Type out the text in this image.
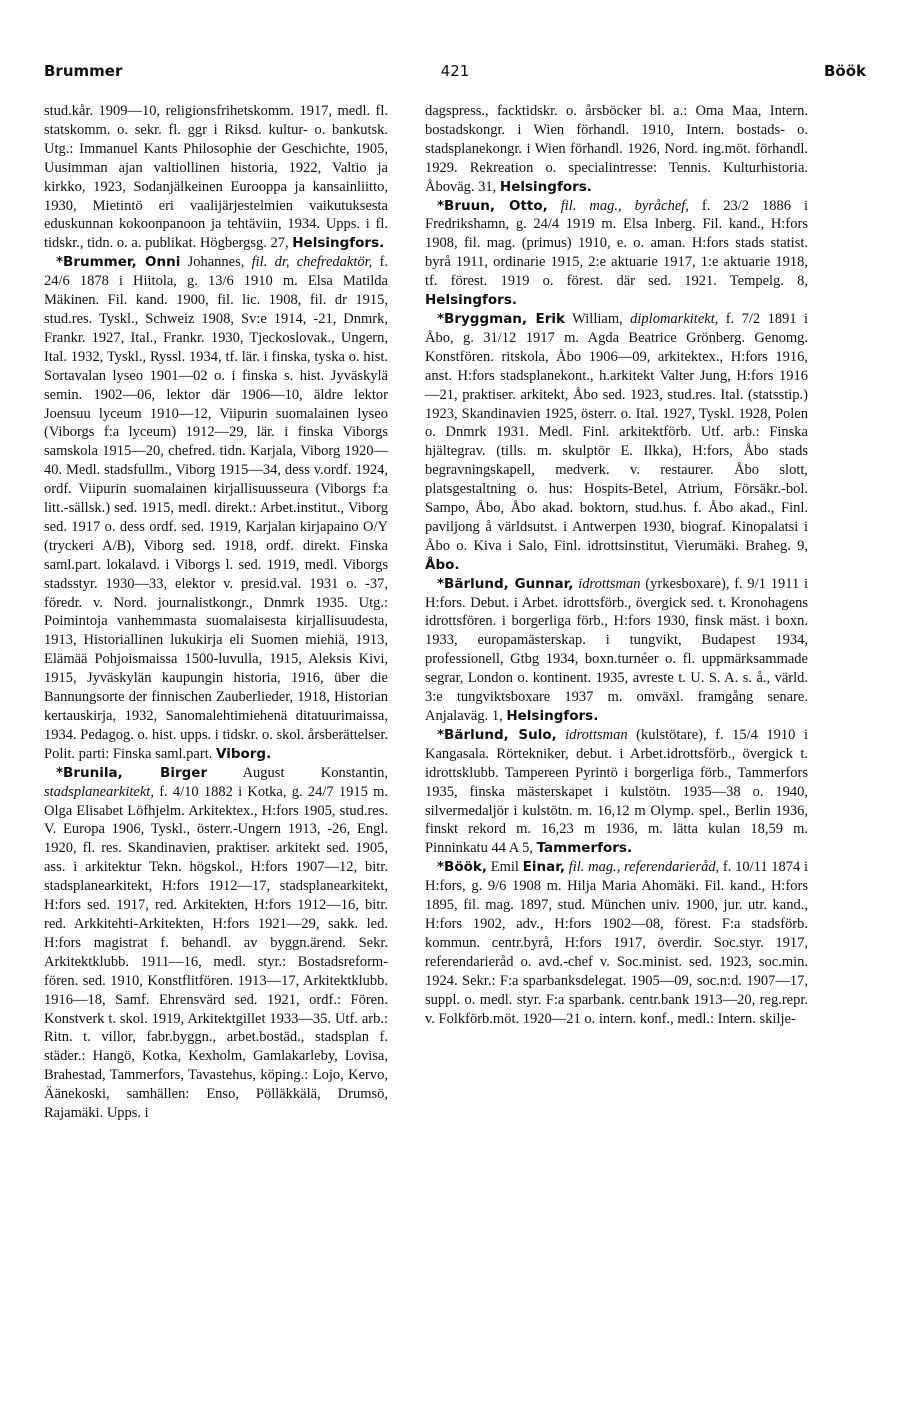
Brummer	421	Böök

stud.kår. 1909—10, religionsfrihetskomm. 1917, medl. fl. statskomm. o. sekr. fl. ggr i Riksd. kultur- o. bankutsk. Utg.: Immanuel Kants Philosophie der Geschichte, 1905, Uusimman ajan valtiollinen historia, 1922, Valtio ja kirkko, 1923, Sodanjälkeinen Eurooppa ja kansainliitto, 1930, Mietintö eri vaalijärjestelmien vaikutuksesta eduskunnan kokoonpanoon ja tehtäviin, 1934. Upps. i fl. tidskr., tidn. o. a. publikat. Högbergsg. 27, Helsingfors.

*Brummer, Onni Johannes, fil. dr, chefredaktör, f. 24/6 1878 i Hiitola, g. 13/6 1910 m. Elsa Matilda Mäkinen. Fil. kand. 1900, fil. lic. 1908, fil. dr 1915, stud.res. Tyskl., Schweiz 1908, Sv:e 1914, -21, Dnmrk, Frankr. 1927, Ital., Frankr. 1930, Tjeckoslovak., Ungern, Ital. 1932, Tyskl., Ryssl. 1934, tf. lär. i finska, tyska o. hist. Sortavalan lyseo 1901—02 o. i finska s. hist. Jyväskylä semin. 1902—06, lektor där 1906—10, äldre lektor Joensuu lyceum 1910—12, Viipurin suomalainen lyseo (Viborgs f:a lyceum) 1912—29, lär. i finska Viborgs samskola 1915—20, chefred. tidn. Karjala, Viborg 1920—40. Medl. stadsfullm., Viborg 1915—34, dess v.ordf. 1924, ordf. Viipurin suomalainen kirjallisuusseura (Viborgs f:a litt.-sällsk.) sed. 1915, medl. direkt.: Arbet.institut., Viborg sed. 1917 o. dess ordf. sed. 1919, Karjalan kirjapaino O/Y (tryckeri A/B), Viborg sed. 1918, ordf. direkt. Finska saml.part. lokalavd. i Viborgs l. sed. 1919, medl. Viborgs stadsstyr. 1930—33, elektor v. presid.val. 1931 o. -37, föredr. v. Nord. journalistkongr., Dnmrk 1935. Utg.: Poimintoja vanhemmasta suomalaisesta kirjallisuudesta, 1913, Historiallinen lukukirja eli Suomen miehiä, 1913, Elämää Pohjoismaissa 1500-luvulla, 1915, Aleksis Kivi, 1915, Jyväskylän kaupungin historia, 1916, über die Bannungsorte der finnischen Zauberlieder, 1918, Historian kertauskirja, 1932, Sanomalehtimiehenä ditatuurimaissa, 1934. Pedagog. o. hist. upps. i tidskr. o. skol. årsberättelser. Polit. parti: Finska saml.part. Viborg.

*Brunila, Birger August Konstantin, stadsplanearkitekt, f. 4/10 1882 i Kotka, g. 24/7 1915 m. Olga Elisabet Löfhjelm. Arkitektex., H:fors 1905, stud.res. V. Europa 1906, Tyskl., österr.-Ungern 1913, -26, Engl. 1920, fl. res. Skandinavien, praktiser. arkitekt sed. 1905, ass. i arkitektur Tekn. högskol., H:fors 1907—12, bitr. stadsplanearkitekt, H:fors 1912—17, stadsplanearkitekt, H:fors sed. 1917, red. Arkitekten, H:fors 1912—16, bitr. red. Arkkitehti-Arkitekten, H:fors 1921—29, sakk. led. H:fors magistrat f. behandl. av byggn.ärend. Sekr. Arkitektklubb. 1911—16, medl. styr.: Bostadsreform-fören. sed. 1910, Konstflitfören. 1913—17, Arkitektklubb. 1916—18, Samf. Ehrensvärd sed. 1921, ordf.: Fören. Konstverk t. skol. 1919, Arkitektgillet 1933—35. Utf. arb.: Ritn. t. villor, fabr.byggn., arbet.bostäd., stadsplan f. städer.: Hangö, Kotka, Kexholm, Gamlakarleby, Lovisa, Brahestad, Tammerfors, Tavastehus, köping.: Lojo, Kervo, Äänekoski, samhällen: Enso, Pölläkkälä, Drumsö, Rajamäki. Upps. i

dagspress., facktidskr. o. årsböcker bl. a.: Oma Maa, Intern. bostadskongr. i Wien förhandl. 1910, Intern. bostads- o. stadsplanekongr. i Wien förhandl. 1926, Nord. ing.möt. förhandl. 1929. Rekreation o. specialintresse: Tennis. Kulturhistoria. Åboväg. 31, Helsingfors.

*Bruun, Otto, fil. mag., byråchef, f. 23/2 1886 i Fredrikshamn, g. 24/4 1919 m. Elsa Inberg. Fil. kand., H:fors 1908, fil. mag. (primus) 1910, e. o. aman. H:fors stads statist. byrå 1911, ordinarie 1915, 2:e aktuarie 1917, 1:e aktuarie 1918, tf. förest. 1919 o. förest. där sed. 1921. Tempelg. 8, Helsingfors.

*Bryggman, Erik William, diplomarkitekt, f. 7/2 1891 i Åbo, g. 31/12 1917 m. Agda Beatrice Grönberg. Genomg. Konstfören. ritskola, Åbo 1906—09, arkitektex., H:fors 1916, anst. H:fors stadsplanekont., h.arkitekt Valter Jung, H:fors 1916—21, praktiser. arkitekt, Åbo sed. 1923, stud.res. Ital. (statsstip.) 1923, Skandinavien 1925, österr. o. Ital. 1927, Tyskl. 1928, Polen o. Dnmrk 1931. Medl. Finl. arkitektförb. Utf. arb.: Finska hjältegrav. (tills. m. skulptör E. Ilkka), H:fors, Åbo stads begravningskapell, medverk. v. restaurer. Åbo slott, platsgestaltning o. hus: Hospits-Betel, Atrium, Försäkr.-bol. Sampo, Åbo, Åbo akad. boktorn, stud.hus. f. Åbo akad., Finl. paviljong å världsutst. i Antwerpen 1930, biograf. Kinopalatsi i Åbo o. Kiva i Salo, Finl. idrottsinstitut, Vierumäki. Braheg. 9, Åbo.

*Bärlund, Gunnar, idrottsman (yrkesboxare), f. 9/1 1911 i H:fors. Debut. i Arbet. idrottsförb., övergick sed. t. Kronohagens idrottsfören. i borgerliga förb., H:fors 1930, finsk mäst. i boxn. 1933, europamästerskap. i tungvikt, Budapest 1934, professionell, Gtbg 1934, boxn.turnéer o. fl. uppmärksammade segrar, London o. kontinent. 1935, avreste t. U. S. A. s. å., värld. 3:e tungviktsboxare 1937 m. omväxl. framgång senare. Anjalaväg. 1, Helsingfors.

*Bärlund, Sulo, idrottsman (kulstötare), f. 15/4 1910 i Kangasala. Rörtekniker, debut. i Arbet.idrottsförb., övergick t. idrottsklubb. Tampereen Pyrintö i borgerliga förb., Tammerfors 1935, finska mästerskapet i kulstötn. 1935—38 o. 1940, silvermedaljör i kulstötn. m. 16,12 m Olymp. spel., Berlin 1936, finskt rekord m. 16,23 m 1936, m. lätta kulan 18,59 m. Pinninkatu 44 A 5, Tammerfors.

*Böök, Emil Einar, fil. mag., referendarieråd, f. 10/11 1874 i H:fors, g. 9/6 1908 m. Hilja Maria Ahomäki. Fil. kand., H:fors 1895, fil. mag. 1897, stud. München univ. 1900, jur. utr. kand., H:fors 1902, adv., H:fors 1902—08, förest. F:a stadsförb. kommun. centr.byrå, H:fors 1917, överdir. Soc.styr. 1917, referendarieråd o. avd.-chef v. Soc.minist. sed. 1923, soc.min. 1924. Sekr.: F:a sparbanksdelegat. 1905—09, soc.n:d. 1907—17, suppl. o. medl. styr. F:a sparbank. centr.bank 1913—20, reg.repr. v. Folkförb.möt. 1920—21 o. intern. konf., medl.: Intern. skilje-
